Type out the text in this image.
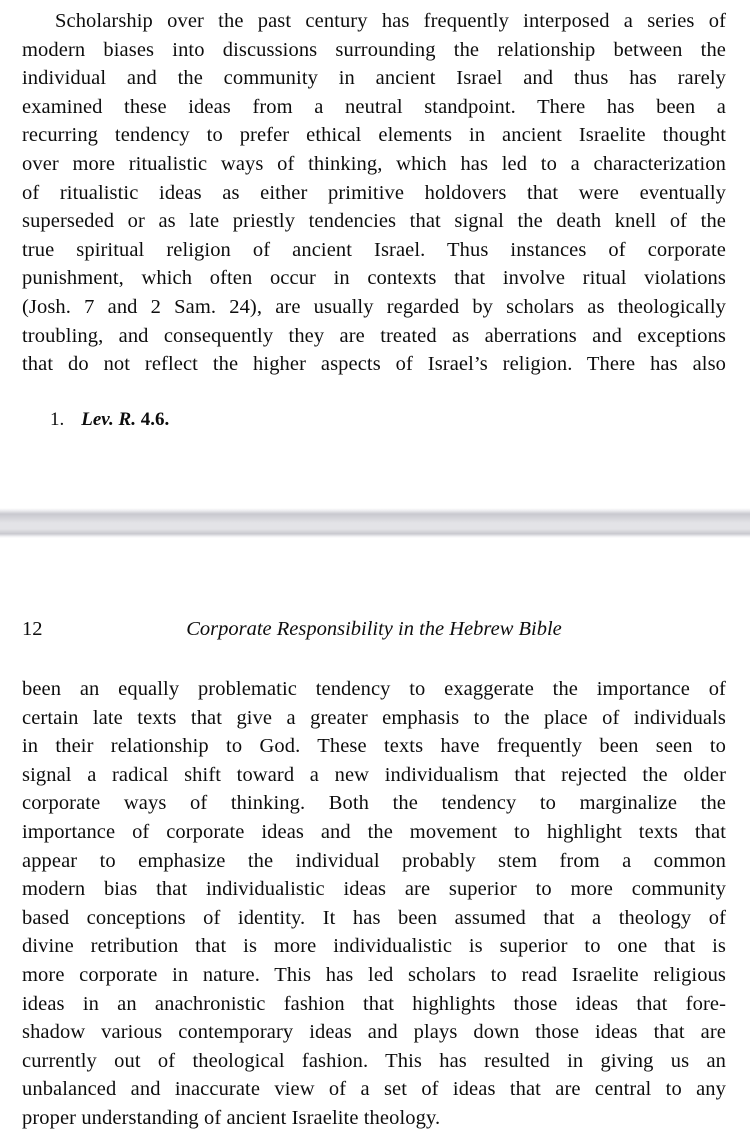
Scholarship over the past century has frequently interposed a series of
modern biases into discussions surrounding the relationship between the
individual and the community in ancient Israel and thus has rarely
examined these ideas from a neutral standpoint. There has been a
recurring tendency to prefer ethical elements in ancient Israelite thought
over more ritualistic ways of thinking, which has led to a characterization
of ritualistic ideas as either primitive holdovers that were eventually
superseded or as late priestly tendencies that signal the death knell of the
true spiritual religion of ancient Israel. Thus instances of corporate
punishment, which often occur in contexts that involve ritual violations
(Josh. 7 and 2 Sam. 24), are usually regarded by scholars as theologically
troubling, and consequently they are treated as aberrations and exceptions
that do not reflect the higher aspects of Israel’s religion. There has also
1. Lev. R. 4.6.
12	Corporate Responsibility in the Hebrew Bible
been an equally problematic tendency to exaggerate the importance of
certain late texts that give a greater emphasis to the place of individuals
in their relationship to God. These texts have frequently been seen to
signal a radical shift toward a new individualism that rejected the older
corporate ways of thinking. Both the tendency to marginalize the
importance of corporate ideas and the movement to highlight texts that
appear to emphasize the individual probably stem from a common
modern bias that individualistic ideas are superior to more community
based conceptions of identity. It has been assumed that a theology of
divine retribution that is more individualistic is superior to one that is
more corporate in nature. This has led scholars to read Israelite religious
ideas in an anachronistic fashion that highlights those ideas that fore-
shadow various contemporary ideas and plays down those ideas that are
currently out of theological fashion. This has resulted in giving us an
unbalanced and inaccurate view of a set of ideas that are central to any
proper understanding of ancient Israelite theology.
